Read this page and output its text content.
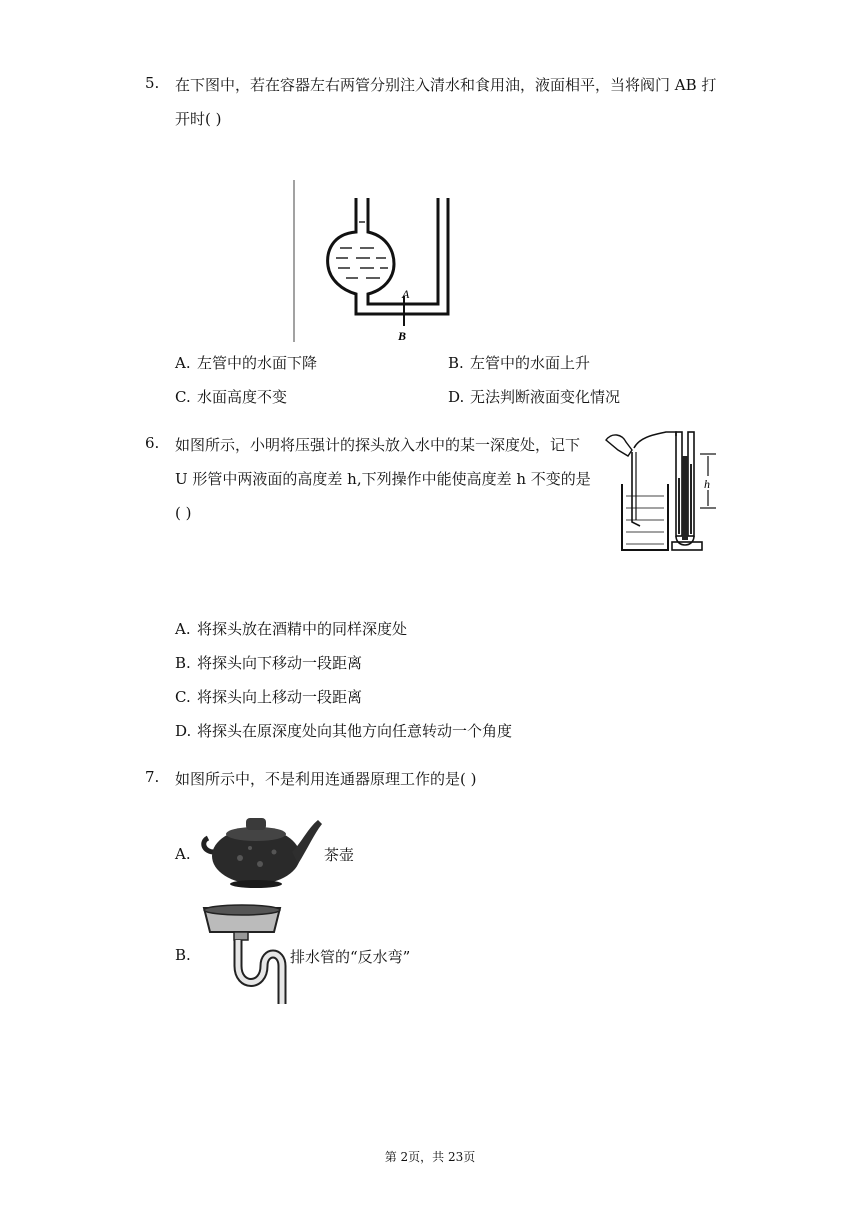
5. 在下图中，若在容器左右两管分别注入清水和食用油，液面相平，当将阀门 AB 打
开时( )
A
B
A. 左管中的水面下降	B. 左管中的水面上升
C. 水面高度不变	D. 无法判断液面变化情况
6. 如图所示，小明将压强计的探头放入水中的某一深度处，记下
U 形管中两液面的高度差 h,下列操作中能使高度差 h 不变的是
( )
h
A. 将探头放在酒精中的同样深度处
B. 将探头向下移动一段距离
C. 将探头向上移动一段距离
D. 将探头在原深度处向其他方向任意转动一个角度
7. 如图所示中，不是利用连通器原理工作的是( )
A.	茶壶
B.	排水管的“反水弯”
第 2页，共 23页
